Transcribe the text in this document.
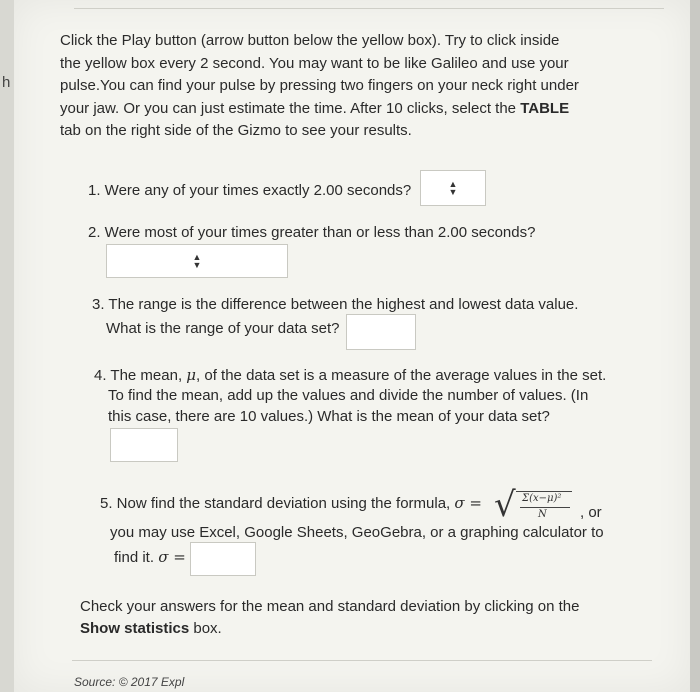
h
Click the Play button (arrow button below the yellow box). Try to click inside
the yellow box every 2 second. You may want to be like Galileo and use your
pulse.You can find your pulse by pressing two fingers on your neck right under
your jaw. Or you can just estimate the time. After 10 clicks, select the TABLE
tab on the right side of the Gizmo to see your results.
1. Were any of your times exactly 2.00 seconds?	▲
▼
2. Were most of your times greater than or less than 2.00 seconds?
▲
▼
3. The range is the difference between the highest and lowest data value.
What is the range of your data set?
4. The mean, μ, of the data set is a measure of the average values in the set.
To find the mean, add up the values and divide the number of values. (In
this case, there are 10 values.) What is the mean of your data set?
5. Now find the standard deviation using the formula, σ = √ Σ(x−μ)²
N , or
you may use Excel, Google Sheets, GeoGebra, or a graphing calculator to
find it. σ =
Check your answers for the mean and standard deviation by clicking on the
Show statistics box.
Source: © 2017 Expl
